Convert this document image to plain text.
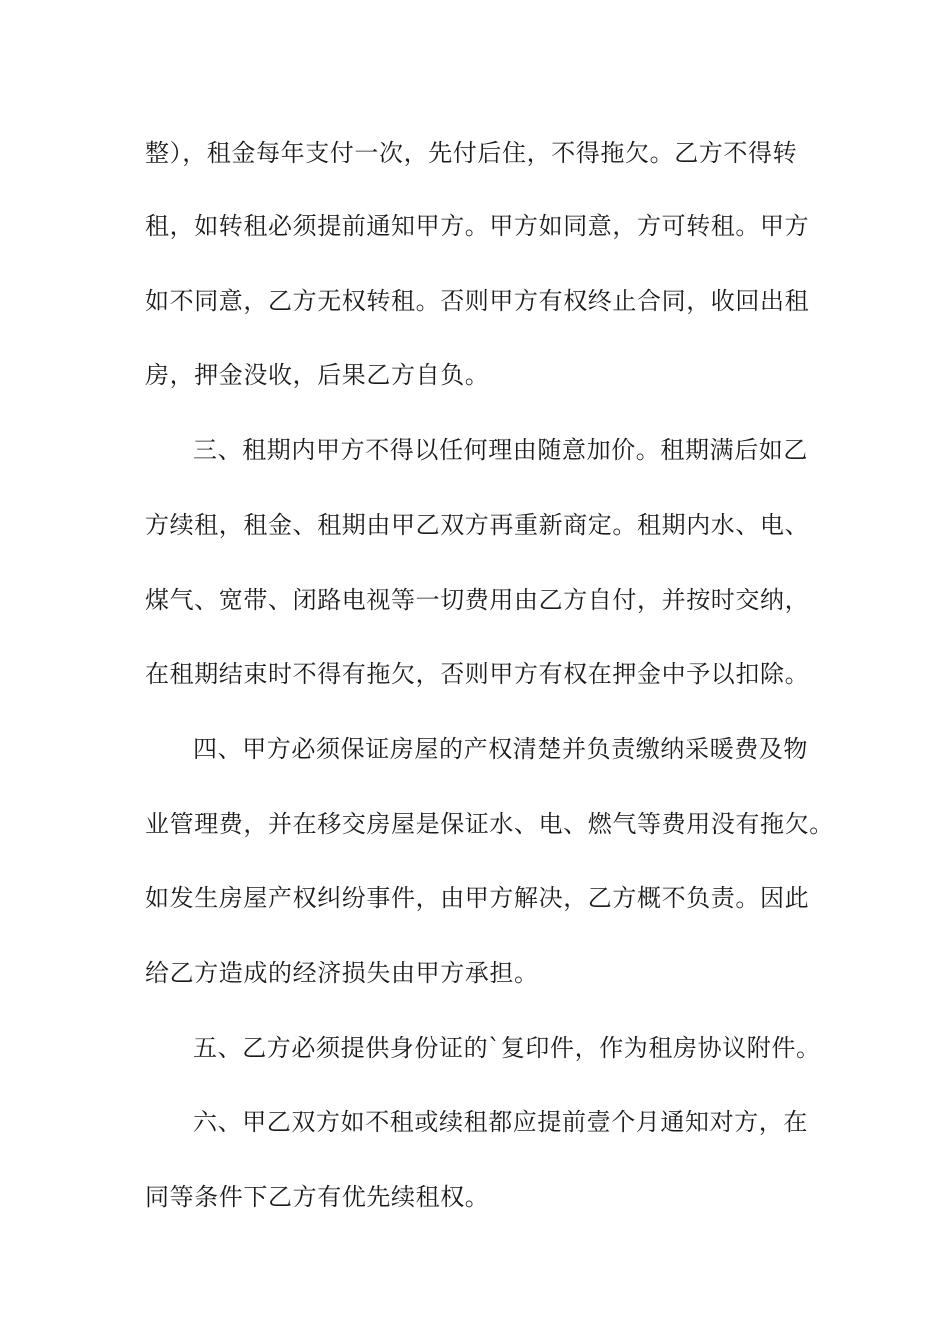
整），租金每年支付一次，先付后住，不得拖欠。乙方不得转
租，如转租必须提前通知甲方。甲方如同意，方可转租。甲方
如不同意，乙方无权转租。否则甲方有权终止合同，收回出租
房，押金没收，后果乙方自负。
三、租期内甲方不得以任何理由随意加价。租期满后如乙
方续租，租金、租期由甲乙双方再重新商定。租期内水、电、
煤气、宽带、闭路电视等一切费用由乙方自付，并按时交纳，
在租期结束时不得有拖欠，否则甲方有权在押金中予以扣除。
四、甲方必须保证房屋的产权清楚并负责缴纳采暖费及物
业管理费，并在移交房屋是保证水、电、燃气等费用没有拖欠。
如发生房屋产权纠纷事件，由甲方解决，乙方概不负责。因此
给乙方造成的经济损失由甲方承担。
五、乙方必须提供身份证的`复印件，作为租房协议附件。
六、甲乙双方如不租或续租都应提前壹个月通知对方，在
同等条件下乙方有优先续租权。
